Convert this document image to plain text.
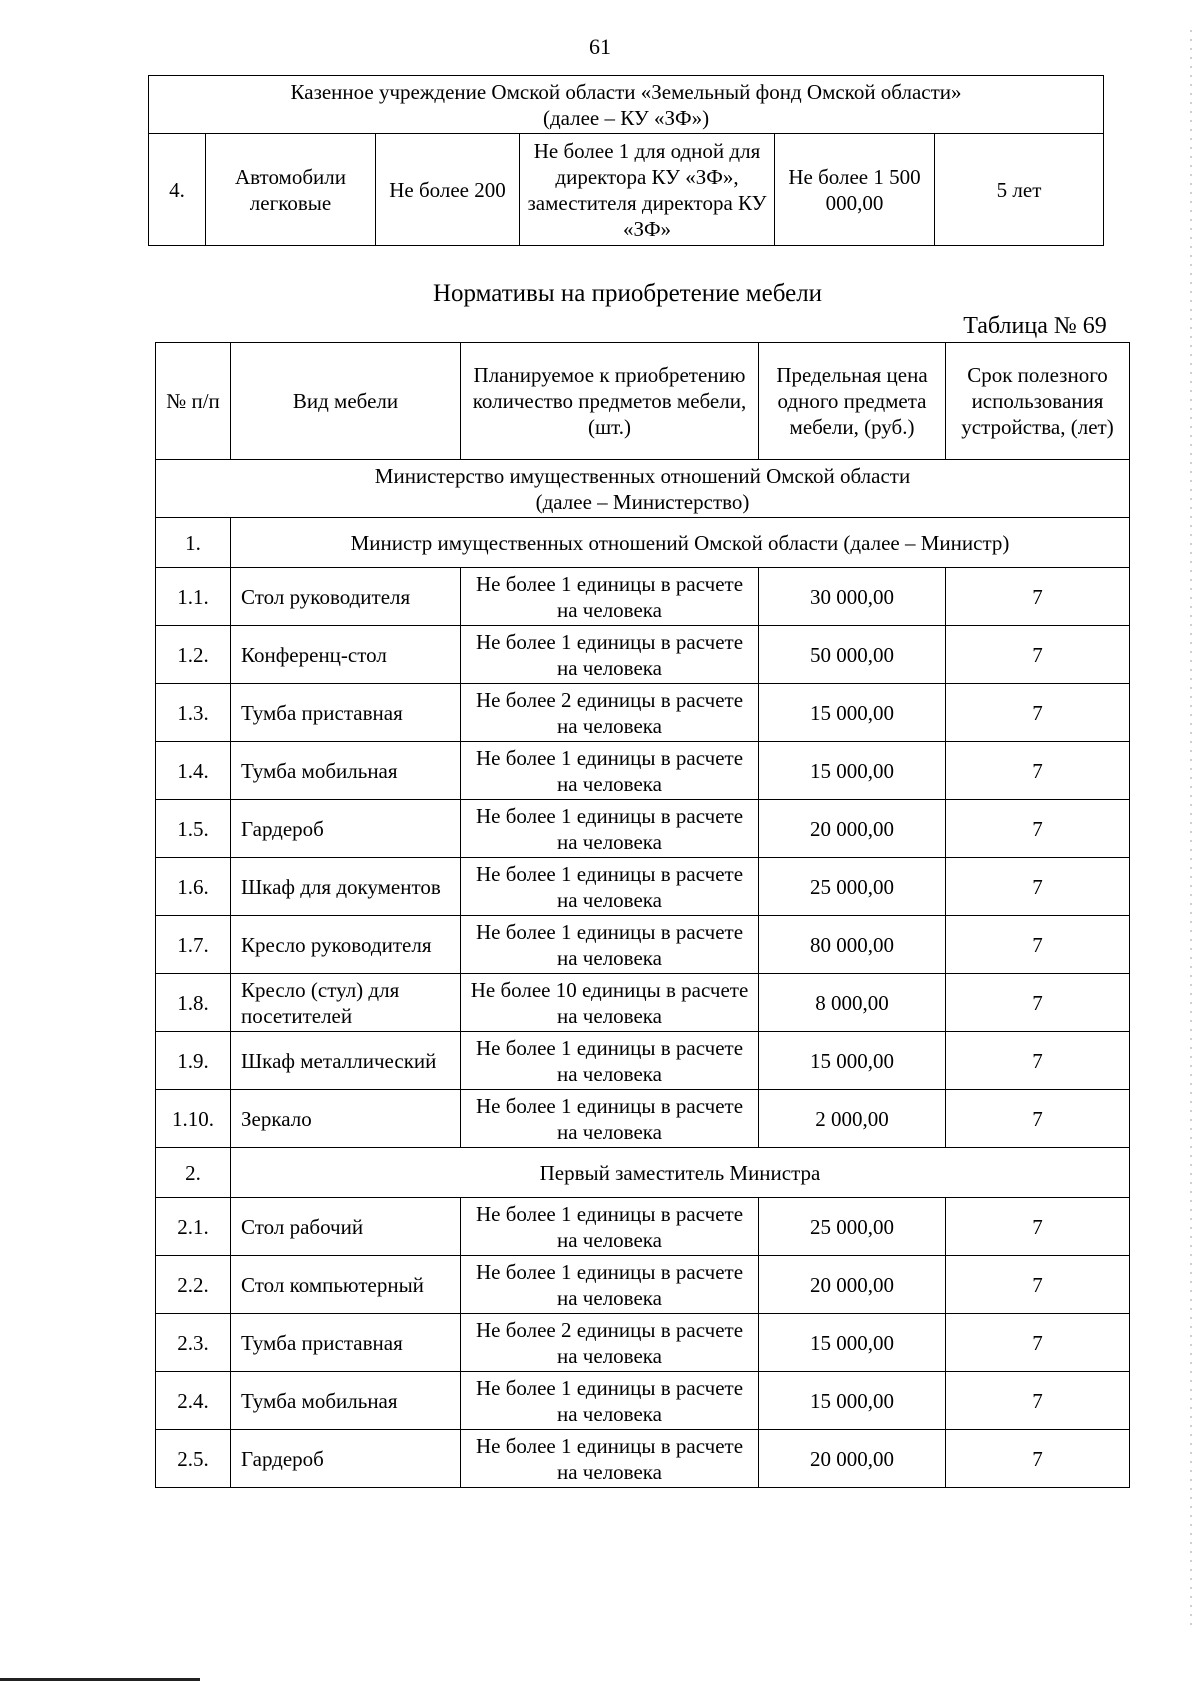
61
Казенное учреждение Омской области «Земельный фонд Омской области»
(далее – КУ «ЗФ»)

4.	Автомобили легковые	Не более 200	Не более 1 для одной для директора КУ «ЗФ», заместителя директора КУ «ЗФ»	Не более 1 500 000,00	5 лет
Нормативы на приобретение мебели
Таблица № 69
№ п/п	Вид мебели	Планируемое к приобретению количество предметов мебели, (шт.)	Предельная цена одного предмета мебели, (руб.)	Срок полезного использования устройства, (лет)

Министерство имущественных отношений Омской области
(далее – Министерство)				

1.	Министр имущественных отношений Омской области (далее – Министр)			
1.1.	Стол руководителя	Не более 1 единицы в расчете на человека	30 000,00	7
1.2.	Конференц-стол	Не более 1 единицы в расчете на человека	50 000,00	7
1.3.	Тумба приставная	Не более 2 единицы в расчете на человека	15 000,00	7
1.4.	Тумба мобильная	Не более 1 единицы в расчете на человека	15 000,00	7
1.5.	Гардероб	Не более 1 единицы в расчете на человека	20 000,00	7
1.6.	Шкаф для документов	Не более 1 единицы в расчете на человека	25 000,00	7
1.7.	Кресло руководителя	Не более 1 единицы в расчете на человека	80 000,00	7
1.8.	Кресло (стул) для посетителей	Не более 10 единицы в расчете на человека	8 000,00	7
1.9.	Шкаф металлический	Не более 1 единицы в расчете на человека	15 000,00	7
1.10.	Зеркало	Не более 1 единицы в расчете на человека	2 000,00	7
2.	Первый заместитель Министра			
2.1.	Стол рабочий	Не более 1 единицы в расчете на человека	25 000,00	7
2.2.	Стол компьютерный	Не более 1 единицы в расчете на человека	20 000,00	7
2.3.	Тумба приставная	Не более 2 единицы в расчете на человека	15 000,00	7
2.4.	Тумба мобильная	Не более 1 единицы в расчете на человека	15 000,00	7
2.5.	Гардероб	Не более 1 единицы в расчете на человека	20 000,00	7
